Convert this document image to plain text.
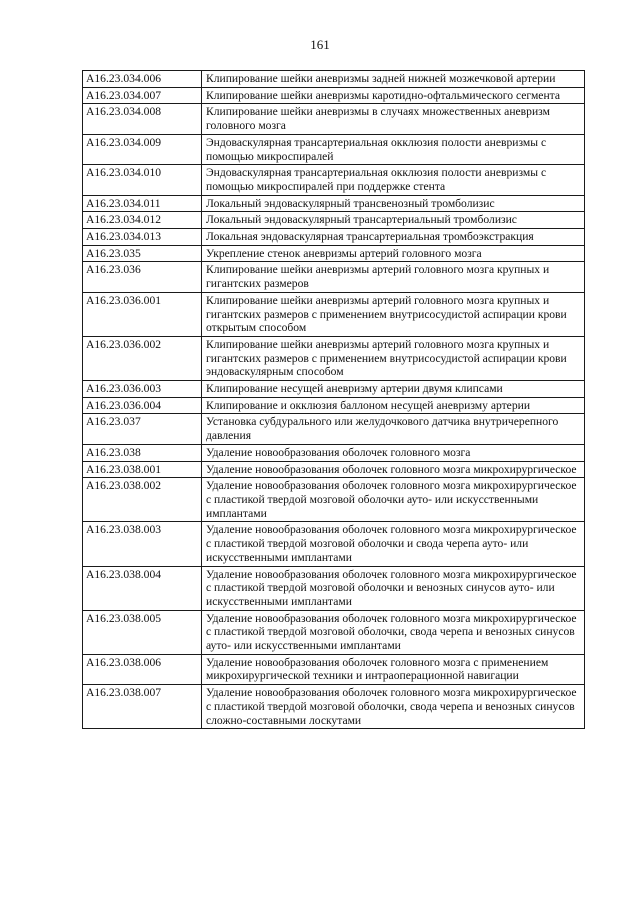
161
A16.23.034.006	Клипирование шейки аневризмы задней нижней мозжечковой артерии
A16.23.034.007	Клипирование шейки аневризмы каротидно-офтальмического сегмента
A16.23.034.008	Клипирование шейки аневризмы в случаях множественных аневризм головного мозга
A16.23.034.009	Эндоваскулярная трансартериальная окклюзия полости аневризмы с помощью микроспиралей
A16.23.034.010	Эндоваскулярная трансартериальная окклюзия полости аневризмы с помощью микроспиралей при поддержке стента
A16.23.034.011	Локальный эндоваскулярный трансвенозный тромболизис
A16.23.034.012	Локальный эндоваскулярный трансартериальный тромболизис
A16.23.034.013	Локальная эндоваскулярная трансартериальная тромбоэкстракция
A16.23.035	Укрепление стенок аневризмы артерий головного мозга
A16.23.036	Клипирование шейки аневризмы артерий головного мозга крупных и гигантских размеров
A16.23.036.001	Клипирование шейки аневризмы артерий головного мозга крупных и гигантских размеров с применением внутрисосудистой аспирации крови открытым способом
A16.23.036.002	Клипирование шейки аневризмы артерий головного мозга крупных и гигантских размеров с применением внутрисосудистой аспирации крови эндоваскулярным способом
A16.23.036.003	Клипирование несущей аневризму артерии двумя клипсами
A16.23.036.004	Клипирование и окклюзия баллоном несущей аневризму артерии
A16.23.037	Установка субдурального или желудочкового датчика внутричерепного давления
A16.23.038	Удаление новообразования оболочек головного мозга
A16.23.038.001	Удаление новообразования оболочек головного мозга микрохирургическое
A16.23.038.002	Удаление новообразования оболочек головного мозга микрохирургическое с пластикой твердой мозговой оболочки ауто- или искусственными имплантами
A16.23.038.003	Удаление новообразования оболочек головного мозга микрохирургическое с пластикой твердой мозговой оболочки и свода черепа ауто- или искусственными имплантами
A16.23.038.004	Удаление новообразования оболочек головного мозга микрохирургическое с пластикой твердой мозговой оболочки и венозных синусов ауто- или искусственными имплантами
A16.23.038.005	Удаление новообразования оболочек головного мозга микрохирургическое с пластикой твердой мозговой оболочки, свода черепа и венозных синусов ауто- или искусственными имплантами
A16.23.038.006	Удаление новообразования оболочек головного мозга с применением микрохирургической техники и интраоперационной навигации
A16.23.038.007	Удаление новообразования оболочек головного мозга микрохирургическое с пластикой твердой мозговой оболочки, свода черепа и венозных синусов сложно-составными лоскутами
